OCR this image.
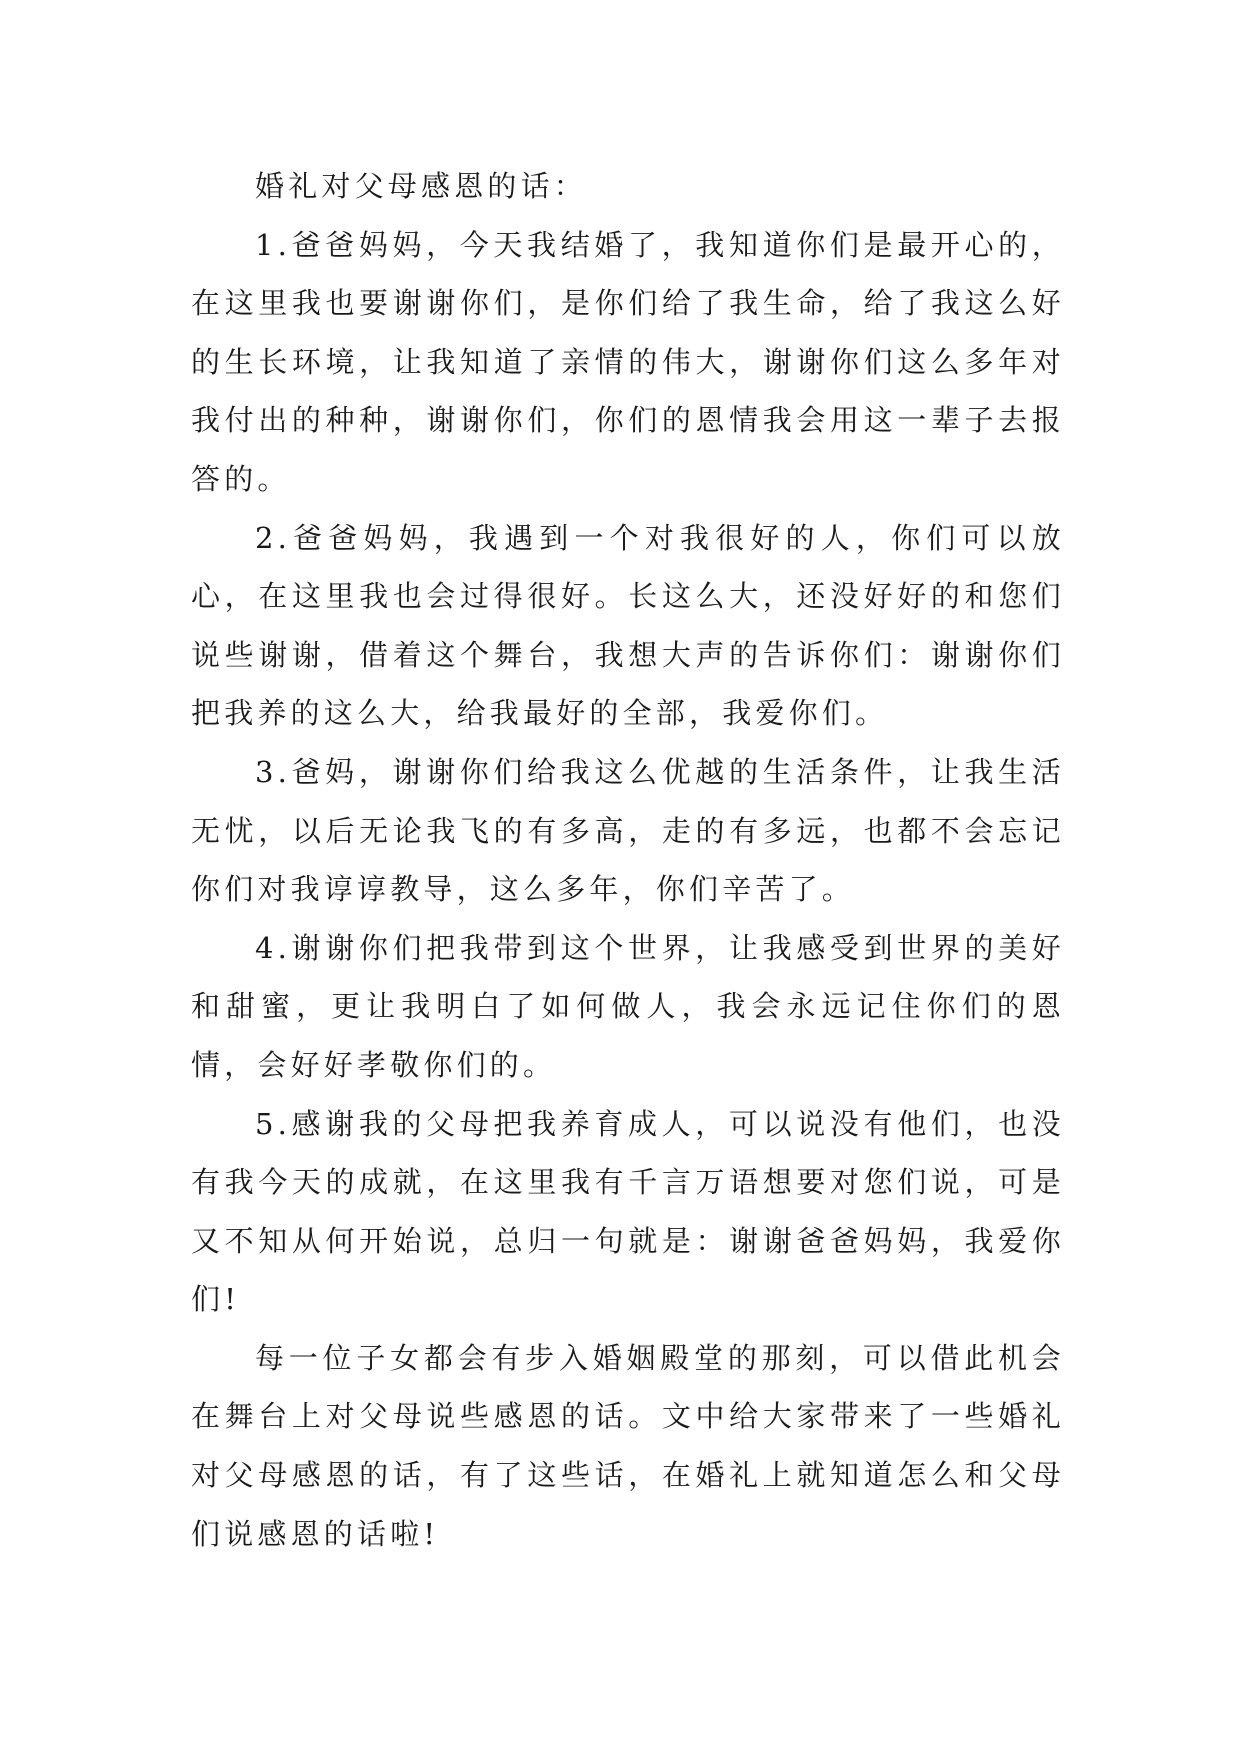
婚礼对父母感恩的话：

1.爸爸妈妈，今天我结婚了，我知道你们是最开心的，在这里我也要谢谢你们，是你们给了我生命，给了我这么好的生长环境，让我知道了亲情的伟大，谢谢你们这么多年对我付出的种种，谢谢你们，你们的恩情我会用这一辈子去报答的。

2.爸爸妈妈，我遇到一个对我很好的人，你们可以放心，在这里我也会过得很好。长这么大，还没好好的和您们说些谢谢，借着这个舞台，我想大声的告诉你们：谢谢你们把我养的这么大，给我最好的全部，我爱你们。

3.爸妈，谢谢你们给我这么优越的生活条件，让我生活无忧，以后无论我飞的有多高，走的有多远，也都不会忘记你们对我谆谆教导，这么多年，你们辛苦了。

4.谢谢你们把我带到这个世界，让我感受到世界的美好和甜蜜，更让我明白了如何做人，我会永远记住你们的恩情，会好好孝敬你们的。

5.感谢我的父母把我养育成人，可以说没有他们，也没有我今天的成就，在这里我有千言万语想要对您们说，可是又不知从何开始说，总归一句就是：谢谢爸爸妈妈，我爱你们!

每一位子女都会有步入婚姻殿堂的那刻，可以借此机会在舞台上对父母说些感恩的话。文中给大家带来了一些婚礼对父母感恩的话，有了这些话，在婚礼上就知道怎么和父母们说感恩的话啦!
